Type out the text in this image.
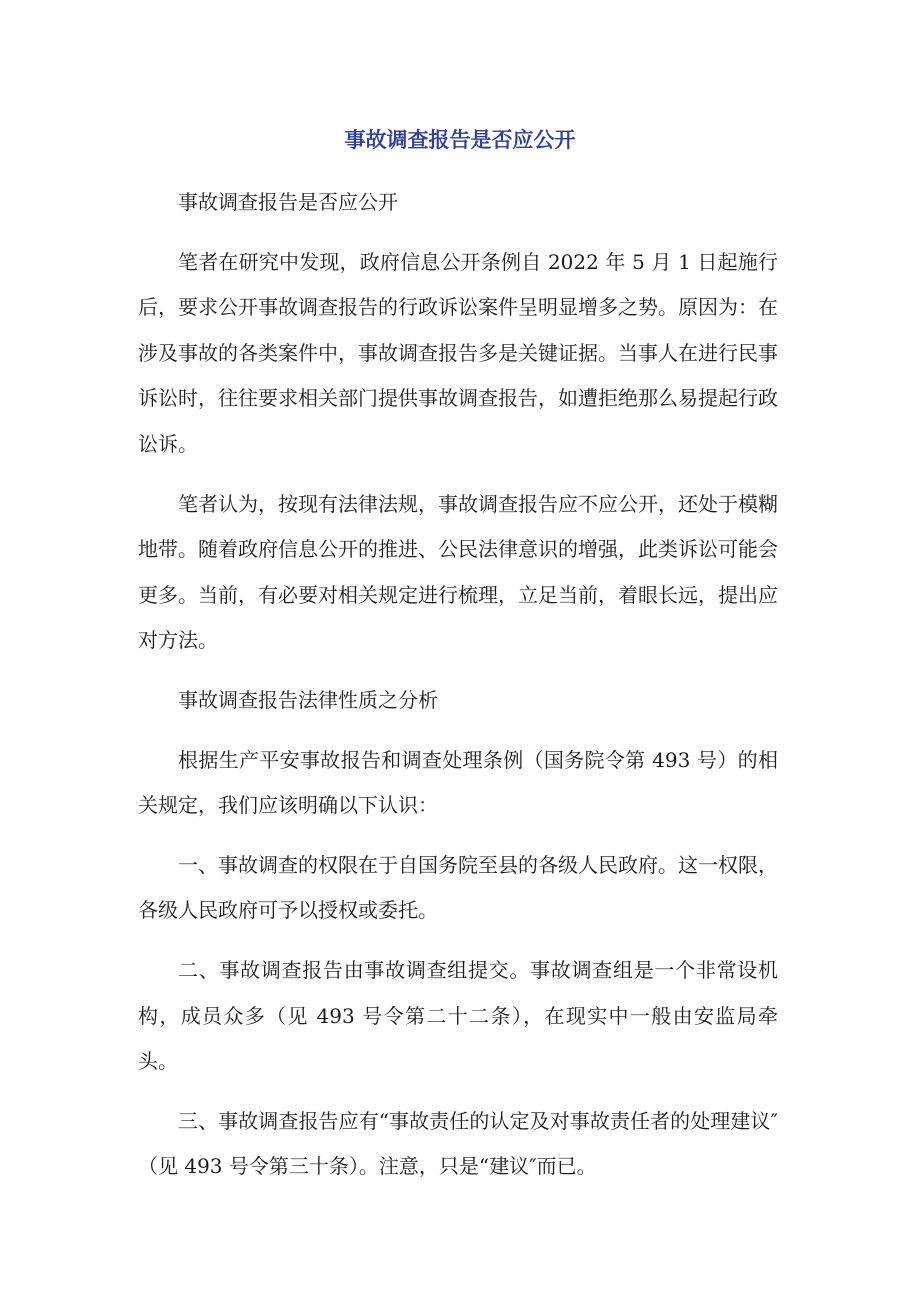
事故调查报告是否应公开

事故调查报告是否应公开

笔者在研究中发现，政府信息公开条例自 2022 年 5 月 1 日起施行后，要求公开事故调查报告的行政诉讼案件呈明显增多之势。原因为：在涉及事故的各类案件中，事故调查报告多是关键证据。当事人在进行民事诉讼时，往往要求相关部门提供事故调查报告，如遭拒绝那么易提起行政讼诉。

笔者认为，按现有法律法规，事故调查报告应不应公开，还处于模糊地带。随着政府信息公开的推进、公民法律意识的增强，此类诉讼可能会更多。当前，有必要对相关规定进行梳理，立足当前，着眼长远，提出应对方法。

事故调查报告法律性质之分析

根据生产平安事故报告和调查处理条例（国务院令第 493 号）的相关规定，我们应该明确以下认识：

一、事故调查的权限在于自国务院至县的各级人民政府。这一权限，各级人民政府可予以授权或委托。

二、事故调查报告由事故调查组提交。事故调查组是一个非常设机构，成员众多（见 493 号令第二十二条），在现实中一般由安监局牵头。

三、事故调查报告应有“事故责任的认定及对事故责任者的处理建议″（见 493 号令第三十条）。注意，只是“建议″而已。
